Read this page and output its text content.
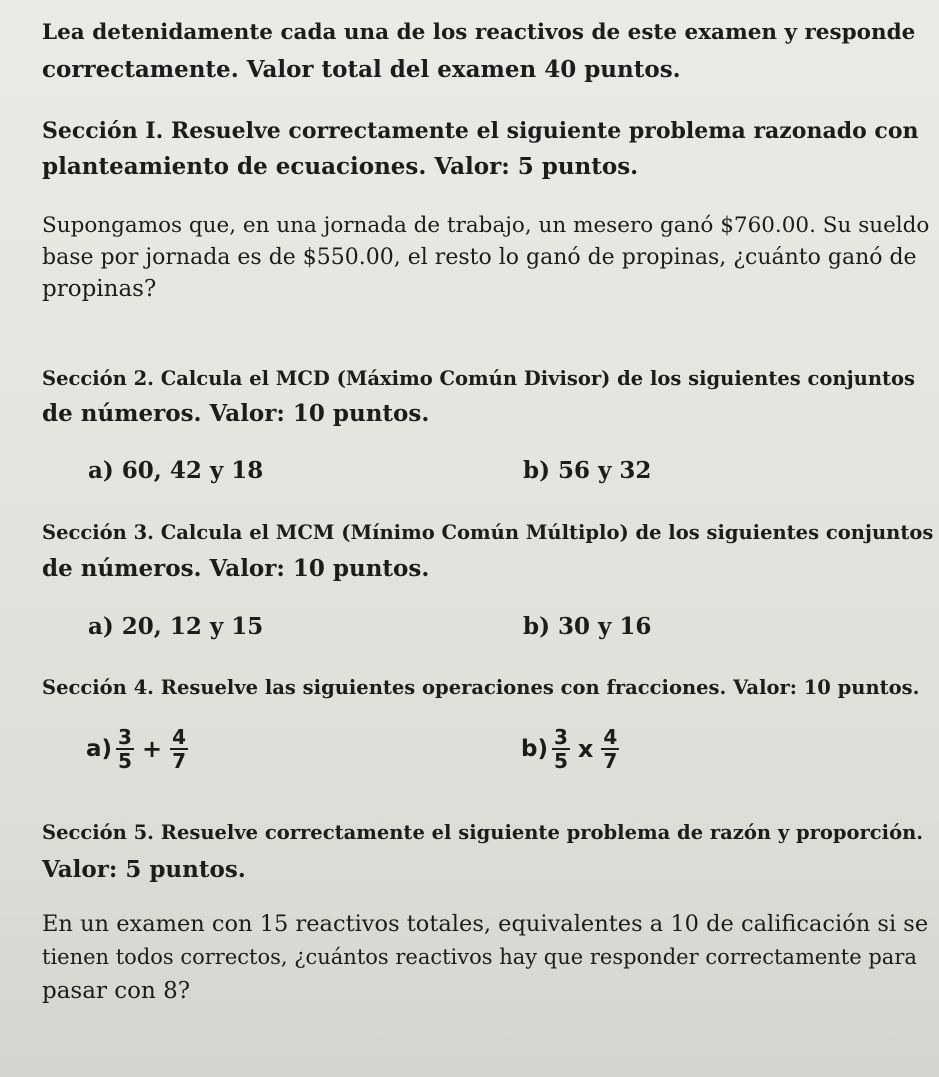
Lea detenidamente cada una de los reactivos de este examen y responde
correctamente. Valor total del examen 40 puntos.
Sección I. Resuelve correctamente el siguiente problema razonado con
planteamiento de ecuaciones. Valor: 5 puntos.
Supongamos que, en una jornada de trabajo, un mesero ganó $760.00. Su sueldo
base por jornada es de $550.00, el resto lo ganó de propinas, ¿cuánto ganó de
propinas?
Sección 2. Calcula el MCD (Máximo Común Divisor) de los siguientes conjuntos
de números. Valor: 10 puntos.
a) 60, 42 y 18	b) 56 y 32
Sección 3. Calcula el MCM (Mínimo Común Múltiplo) de los siguientes conjuntos
de números. Valor: 10 puntos.
a) 20, 12 y 15	b) 30 y 16
Sección 4. Resuelve las siguientes operaciones con fracciones. Valor: 10 puntos.
$a) \frac{3}{5} + \frac{4}{7}$	$b) \frac{3}{5}$ x $\frac{4}{7}$
Sección 5. Resuelve correctamente el siguiente problema de razón y proporción.
Valor: 5 puntos.
En un examen con 15 reactivos totales, equivalentes a 10 de calificación si se
tienen todos correctos, ¿cuántos reactivos hay que responder correctamente para
pasar con 8?
